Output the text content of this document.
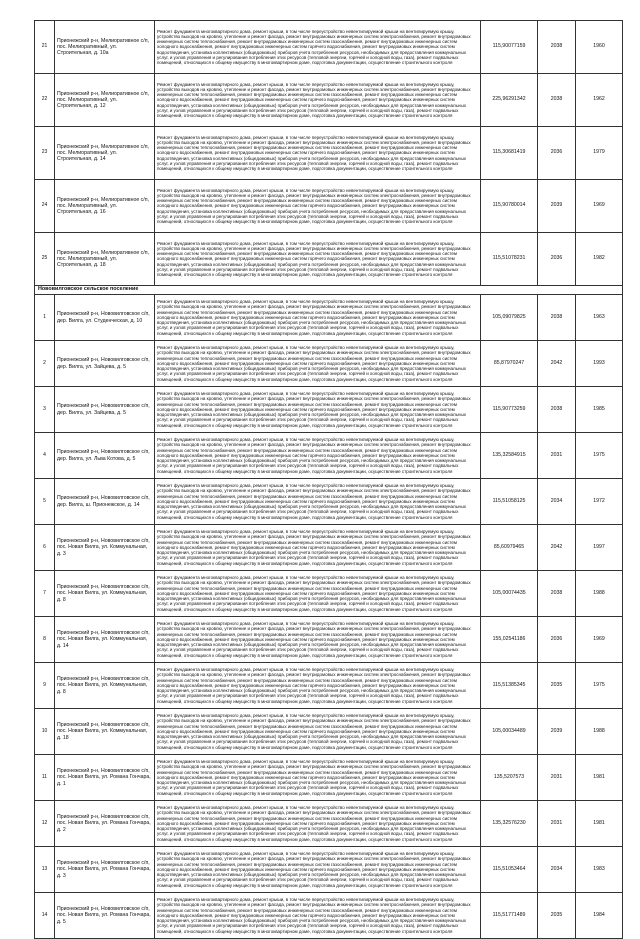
21	Прионежский р-н, Мелиоративное с/п, пос. Мелиоративный, ул. Строительная, д. 10а	Ремонт фундамента многоквартирного дома, ремонт крыши, в том числе переустройство невентилируемой крыши на вентилируемую крышу, устройство выходов на кровлю, утепление и ремонт фасада, ремонт внутридомовых инженерных систем электроснабжения, ремонт внутридомовых инженерных систем теплоснабжения, ремонт внутридомовых инженерных систем газоснабжения, ремонт внутридомовых инженерных систем холодного водоснабжения, ремонт внутридомовых инженерных систем горячего водоснабжения, ремонт внутридомовых инженерных систем водоотведения, установка коллективных (общедомовых) приборов учета потребления ресурсов, необходимых для предоставления коммунальных услуг, и узлов управления и регулирования потребления этих ресурсов (тепловой энергии, горячей и холодной воды, газа), ремонт подвальных помещений, относящихся к общему имуществу в многоквартирном доме, подготовка документации, осуществление строительного контроля	115,90077159	2038	1960
22	Прионежский р-н, Мелиоративное с/п, пос. Мелиоративный, ул. Строительная, д. 12	Ремонт фундамента многоквартирного дома, ремонт крыши, в том числе переустройство невентилируемой крыши на вентилируемую крышу, устройство выходов на кровлю, утепление и ремонт фасада, ремонт внутридомовых инженерных систем электроснабжения, ремонт внутридомовых инженерных систем теплоснабжения, ремонт внутридомовых инженерных систем газоснабжения, ремонт внутридомовых инженерных систем холодного водоснабжения, ремонт внутридомовых инженерных систем горячего водоснабжения, ремонт внутридомовых инженерных систем водоотведения, установка коллективных (общедомовых) приборов учета потребления ресурсов, необходимых для предоставления коммунальных услуг, и узлов управления и регулирования потребления этих ресурсов (тепловой энергии, горячей и холодной воды, газа), ремонт подвальных помещений, относящихся к общему имуществу в многоквартирном доме, подготовка документации, осуществление строительного контроля	225,96291342	2038	1962
23	Прионежский р-н, Мелиоративное с/п, пос. Мелиоративный, ул. Строительная, д. 14	Ремонт фундамента многоквартирного дома, ремонт крыши, в том числе переустройство невентилируемой крыши на вентилируемую крышу, устройство выходов на кровлю, утепление и ремонт фасада, ремонт внутридомовых инженерных систем электроснабжения, ремонт внутридомовых инженерных систем теплоснабжения, ремонт внутридомовых инженерных систем газоснабжения, ремонт внутридомовых инженерных систем холодного водоснабжения, ремонт внутридомовых инженерных систем горячего водоснабжения, ремонт внутридомовых инженерных систем водоотведения, установка коллективных (общедомовых) приборов учета потребления ресурсов, необходимых для предоставления коммунальных услуг, и узлов управления и регулирования потребления этих ресурсов (тепловой энергии, горячей и холодной воды, газа), ремонт подвальных помещений, относящихся к общему имуществу в многоквартирном доме, подготовка документации, осуществление строительного контроля	115,30681419	2036	1979
24	Прионежский р-н, Мелиоративное с/п, пос. Мелиоративный, ул. Строительная, д. 16	Ремонт фундамента многоквартирного дома, ремонт крыши, в том числе переустройство невентилируемой крыши на вентилируемую крышу, устройство выходов на кровлю, утепление и ремонт фасада, ремонт внутридомовых инженерных систем электроснабжения, ремонт внутридомовых инженерных систем теплоснабжения, ремонт внутридомовых инженерных систем газоснабжения, ремонт внутридомовых инженерных систем холодного водоснабжения, ремонт внутридомовых инженерных систем горячего водоснабжения, ремонт внутридомовых инженерных систем водоотведения, установка коллективных (общедомовых) приборов учета потребления ресурсов, необходимых для предоставления коммунальных услуг, и узлов управления и регулирования потребления этих ресурсов (тепловой энергии, горячей и холодной воды, газа), ремонт подвальных помещений, относящихся к общему имуществу в многоквартирном доме, подготовка документации, осуществление строительного контроля	115,90780014	2039	1969
25	Прионежский р-н, Мелиоративное с/п, пос. Мелиоративный, ул. Строительная, д. 18	Ремонт фундамента многоквартирного дома, ремонт крыши, в том числе переустройство невентилируемой крыши на вентилируемую крышу, устройство выходов на кровлю, утепление и ремонт фасада, ремонт внутридомовых инженерных систем электроснабжения, ремонт внутридомовых инженерных систем теплоснабжения, ремонт внутридомовых инженерных систем газоснабжения, ремонт внутридомовых инженерных систем холодного водоснабжения, ремонт внутридомовых инженерных систем горячего водоснабжения, ремонт внутридомовых инженерных систем водоотведения, установка коллективных (общедомовых) приборов учета потребления ресурсов, необходимых для предоставления коммунальных услуг, и узлов управления и регулирования потребления этих ресурсов (тепловой энергии, горячей и холодной воды, газа), ремонт подвальных помещений, относящихся к общему имуществу в многоквартирном доме, подготовка документации, осуществление строительного контроля	115,51078231	2036	1982
Нововилговское сельское поселение					
1	Прионежский р-н, Нововилговское с/п, дер. Вилга, ул. Студенческая, д. 10	Ремонт фундамента многоквартирного дома, ремонт крыши, в том числе переустройство невентилируемой крыши на вентилируемую крышу, устройство выходов на кровлю, утепление и ремонт фасада, ремонт внутридомовых инженерных систем электроснабжения, ремонт внутридомовых инженерных систем теплоснабжения, ремонт внутридомовых инженерных систем газоснабжения, ремонт внутридомовых инженерных систем холодного водоснабжения, ремонт внутридомовых инженерных систем горячего водоснабжения, ремонт внутридомовых инженерных систем водоотведения, установка коллективных (общедомовых) приборов учета потребления ресурсов, необходимых для предоставления коммунальных услуг, и узлов управления и регулирования потребления этих ресурсов (тепловой энергии, горячей и холодной воды, газа), ремонт подвальных помещений, относящихся к общему имуществу в многоквартирном доме, подготовка документации, осуществление строительного контроля	105,09079825	2038	1963
2	Прионежский р-н, Нововилговское с/п, дер. Вилга, ул. Зайцева, д. 5	Ремонт фундамента многоквартирного дома, ремонт крыши, в том числе переустройство невентилируемой крыши на вентилируемую крышу, устройство выходов на кровлю, утепление и ремонт фасада, ремонт внутридомовых инженерных систем электроснабжения, ремонт внутридомовых инженерных систем теплоснабжения, ремонт внутридомовых инженерных систем газоснабжения, ремонт внутридомовых инженерных систем холодного водоснабжения, ремонт внутридомовых инженерных систем горячего водоснабжения, ремонт внутридомовых инженерных систем водоотведения, установка коллективных (общедомовых) приборов учета потребления ресурсов, необходимых для предоставления коммунальных услуг, и узлов управления и регулирования потребления этих ресурсов (тепловой энергии, горячей и холодной воды, газа), ремонт подвальных помещений, относящихся к общему имуществу в многоквартирном доме, подготовка документации, осуществление строительного контроля	85,87970247	2042	1993
3	Прионежский р-н, Нововилговское с/п, дер. Вилга, ул. Зайцева, д. 5	Ремонт фундамента многоквартирного дома, ремонт крыши, в том числе переустройство невентилируемой крыши на вентилируемую крышу, устройство выходов на кровлю, утепление и ремонт фасада, ремонт внутридомовых инженерных систем электроснабжения, ремонт внутридомовых инженерных систем теплоснабжения, ремонт внутридомовых инженерных систем газоснабжения, ремонт внутридомовых инженерных систем холодного водоснабжения, ремонт внутридомовых инженерных систем горячего водоснабжения, ремонт внутридомовых инженерных систем водоотведения, установка коллективных (общедомовых) приборов учета потребления ресурсов, необходимых для предоставления коммунальных услуг, и узлов управления и регулирования потребления этих ресурсов (тепловой энергии, горячей и холодной воды, газа), ремонт подвальных помещений, относящихся к общему имуществу в многоквартирном доме, подготовка документации, осуществление строительного контроля	115,90773259	2038	1985
4	Прионежский р-н, Нововилговское с/п, дер. Вилга, ул. Льва Котова, д. 5	Ремонт фундамента многоквартирного дома, ремонт крыши, в том числе переустройство невентилируемой крыши на вентилируемую крышу, устройство выходов на кровлю, утепление и ремонт фасада, ремонт внутридомовых инженерных систем электроснабжения, ремонт внутридомовых инженерных систем теплоснабжения, ремонт внутридомовых инженерных систем газоснабжения, ремонт внутридомовых инженерных систем холодного водоснабжения, ремонт внутридомовых инженерных систем горячего водоснабжения, ремонт внутридомовых инженерных систем водоотведения, установка коллективных (общедомовых) приборов учета потребления ресурсов, необходимых для предоставления коммунальных услуг, и узлов управления и регулирования потребления этих ресурсов (тепловой энергии, горячей и холодной воды, газа), ремонт подвальных помещений, относящихся к общему имуществу в многоквартирном доме, подготовка документации, осуществление строительного контроля	135,32584915	2031	1975
5	Прионежский р-н, Нововилговское с/п, дер. Вилга, ш. Прионежское, д. 14	Ремонт фундамента многоквартирного дома, ремонт крыши, в том числе переустройство невентилируемой крыши на вентилируемую крышу, устройство выходов на кровлю, утепление и ремонт фасада, ремонт внутридомовых инженерных систем электроснабжения, ремонт внутридомовых инженерных систем теплоснабжения, ремонт внутридомовых инженерных систем газоснабжения, ремонт внутридомовых инженерных систем холодного водоснабжения, ремонт внутридомовых инженерных систем горячего водоснабжения, ремонт внутридомовых инженерных систем водоотведения, установка коллективных (общедомовых) приборов учета потребления ресурсов, необходимых для предоставления коммунальных услуг, и узлов управления и регулирования потребления этих ресурсов (тепловой энергии, горячей и холодной воды, газа), ремонт подвальных помещений, относящихся к общему имуществу в многоквартирном доме, подготовка документации, осуществление строительного контроля	115,51058125	2034	1972
6	Прионежский р-н, Нововилговское с/п, пос. Новая Вилга, ул. Коммунальная, д. 3	Ремонт фундамента многоквартирного дома, ремонт крыши, в том числе переустройство невентилируемой крыши на вентилируемую крышу, устройство выходов на кровлю, утепление и ремонт фасада, ремонт внутридомовых инженерных систем электроснабжения, ремонт внутридомовых инженерных систем теплоснабжения, ремонт внутридомовых инженерных систем газоснабжения, ремонт внутридомовых инженерных систем холодного водоснабжения, ремонт внутридомовых инженерных систем горячего водоснабжения, ремонт внутридомовых инженерных систем водоотведения, установка коллективных (общедомовых) приборов учета потребления ресурсов, необходимых для предоставления коммунальных услуг, и узлов управления и регулирования потребления этих ресурсов (тепловой энергии, горячей и холодной воды, газа), ремонт подвальных помещений, относящихся к общему имуществу в многоквартирном доме, подготовка документации, осуществление строительного контроля	85,60979465	2042	1997
7	Прионежский р-н, Нововилговское с/п, пос. Новая Вилга, ул. Коммунальная, д. 8	Ремонт фундамента многоквартирного дома, ремонт крыши, в том числе переустройство невентилируемой крыши на вентилируемую крышу, устройство выходов на кровлю, утепление и ремонт фасада, ремонт внутридомовых инженерных систем электроснабжения, ремонт внутридомовых инженерных систем теплоснабжения, ремонт внутридомовых инженерных систем газоснабжения, ремонт внутридомовых инженерных систем холодного водоснабжения, ремонт внутридомовых инженерных систем горячего водоснабжения, ремонт внутридомовых инженерных систем водоотведения, установка коллективных (общедомовых) приборов учета потребления ресурсов, необходимых для предоставления коммунальных услуг, и узлов управления и регулирования потребления этих ресурсов (тепловой энергии, горячей и холодной воды, газа), ремонт подвальных помещений, относящихся к общему имуществу в многоквартирном доме, подготовка документации, осуществление строительного контроля	105,00074435	2038	1988
8	Прионежский р-н, Нововилговское с/п, пос. Новая Вилга, ул. Коммунальная, д. 14	Ремонт фундамента многоквартирного дома, ремонт крыши, в том числе переустройство невентилируемой крыши на вентилируемую крышу, устройство выходов на кровлю, утепление и ремонт фасада, ремонт внутридомовых инженерных систем электроснабжения, ремонт внутридомовых инженерных систем теплоснабжения, ремонт внутридомовых инженерных систем газоснабжения, ремонт внутридомовых инженерных систем холодного водоснабжения, ремонт внутридомовых инженерных систем горячего водоснабжения, ремонт внутридомовых инженерных систем водоотведения, установка коллективных (общедомовых) приборов учета потребления ресурсов, необходимых для предоставления коммунальных услуг, и узлов управления и регулирования потребления этих ресурсов (тепловой энергии, горячей и холодной воды, газа), ремонт подвальных помещений, относящихся к общему имуществу в многоквартирном доме, подготовка документации, осуществление строительного контроля	155,02541186	2036	1969
9	Прионежский р-н, Нововилговское с/п, пос. Новая Вилга, ул. Коммунальная, д. 8	Ремонт фундамента многоквартирного дома, ремонт крыши, в том числе переустройство невентилируемой крыши на вентилируемую крышу, устройство выходов на кровлю, утепление и ремонт фасада, ремонт внутридомовых инженерных систем электроснабжения, ремонт внутридомовых инженерных систем теплоснабжения, ремонт внутридомовых инженерных систем газоснабжения, ремонт внутридомовых инженерных систем холодного водоснабжения, ремонт внутридомовых инженерных систем горячего водоснабжения, ремонт внутридомовых инженерных систем водоотведения, установка коллективных (общедомовых) приборов учета потребления ресурсов, необходимых для предоставления коммунальных услуг, и узлов управления и регулирования потребления этих ресурсов (тепловой энергии, горячей и холодной воды, газа), ремонт подвальных помещений, относящихся к общему имуществу в многоквартирном доме, подготовка документации, осуществление строительного контроля	115,51385345	2035	1975
10	Прионежский р-н, Нововилговское с/п, пос. Новая Вилга, ул. Коммунальная, д. 18	Ремонт фундамента многоквартирного дома, ремонт крыши, в том числе переустройство невентилируемой крыши на вентилируемую крышу, устройство выходов на кровлю, утепление и ремонт фасада, ремонт внутридомовых инженерных систем электроснабжения, ремонт внутридомовых инженерных систем теплоснабжения, ремонт внутридомовых инженерных систем газоснабжения, ремонт внутридомовых инженерных систем холодного водоснабжения, ремонт внутридомовых инженерных систем горячего водоснабжения, ремонт внутридомовых инженерных систем водоотведения, установка коллективных (общедомовых) приборов учета потребления ресурсов, необходимых для предоставления коммунальных услуг, и узлов управления и регулирования потребления этих ресурсов (тепловой энергии, горячей и холодной воды, газа), ремонт подвальных помещений, относящихся к общему имуществу в многоквартирном доме, подготовка документации, осуществление строительного контроля	105,00034489	2039	1988
11	Прионежский р-н, Нововилговское с/п, пос. Новая Вилга, ул. Романа Гончара, д. 1	Ремонт фундамента многоквартирного дома, ремонт крыши, в том числе переустройство невентилируемой крыши на вентилируемую крышу, устройство выходов на кровлю, утепление и ремонт фасада, ремонт внутридомовых инженерных систем электроснабжения, ремонт внутридомовых инженерных систем теплоснабжения, ремонт внутридомовых инженерных систем газоснабжения, ремонт внутридомовых инженерных систем холодного водоснабжения, ремонт внутридомовых инженерных систем горячего водоснабжения, ремонт внутридомовых инженерных систем водоотведения, установка коллективных (общедомовых) приборов учета потребления ресурсов, необходимых для предоставления коммунальных услуг, и узлов управления и регулирования потребления этих ресурсов (тепловой энергии, горячей и холодной воды, газа), ремонт подвальных помещений, относящихся к общему имуществу в многоквартирном доме, подготовка документации, осуществление строительного контроля	135,5207573	2031	1981
12	Прионежский р-н, Нововилговское с/п, пос. Новая Вилга, ул. Романа Гончара, д. 2	Ремонт фундамента многоквартирного дома, ремонт крыши, в том числе переустройство невентилируемой крыши на вентилируемую крышу, устройство выходов на кровлю, утепление и ремонт фасада, ремонт внутридомовых инженерных систем электроснабжения, ремонт внутридомовых инженерных систем теплоснабжения, ремонт внутридомовых инженерных систем газоснабжения, ремонт внутридомовых инженерных систем холодного водоснабжения, ремонт внутридомовых инженерных систем горячего водоснабжения, ремонт внутридомовых инженерных систем водоотведения, установка коллективных (общедомовых) приборов учета потребления ресурсов, необходимых для предоставления коммунальных услуг, и узлов управления и регулирования потребления этих ресурсов (тепловой энергии, горячей и холодной воды, газа), ремонт подвальных помещений, относящихся к общему имуществу в многоквартирном доме, подготовка документации, осуществление строительного контроля	135,32576230	2031	1981
13	Прионежский р-н, Нововилговское с/п, пос. Новая Вилга, ул. Романа Гончара, д. 3	Ремонт фундамента многоквартирного дома, ремонт крыши, в том числе переустройство невентилируемой крыши на вентилируемую крышу, устройство выходов на кровлю, утепление и ремонт фасада, ремонт внутридомовых инженерных систем электроснабжения, ремонт внутридомовых инженерных систем теплоснабжения, ремонт внутридомовых инженерных систем газоснабжения, ремонт внутридомовых инженерных систем холодного водоснабжения, ремонт внутридомовых инженерных систем горячего водоснабжения, ремонт внутридомовых инженерных систем водоотведения, установка коллективных (общедомовых) приборов учета потребления ресурсов, необходимых для предоставления коммунальных услуг, и узлов управления и регулирования потребления этих ресурсов (тепловой энергии, горячей и холодной воды, газа), ремонт подвальных помещений, относящихся к общему имуществу в многоквартирном доме, подготовка документации, осуществление строительного контроля	115,51053464	2034	1983
14	Прионежский р-н, Нововилговское с/п, пос. Новая Вилга, ул. Романа Гончара, д. 5	Ремонт фундамента многоквартирного дома, ремонт крыши, в том числе переустройство невентилируемой крыши на вентилируемую крышу, устройство выходов на кровлю, утепление и ремонт фасада, ремонт внутридомовых инженерных систем электроснабжения, ремонт внутридомовых инженерных систем теплоснабжения, ремонт внутридомовых инженерных систем газоснабжения, ремонт внутридомовых инженерных систем холодного водоснабжения, ремонт внутридомовых инженерных систем горячего водоснабжения, ремонт внутридомовых инженерных систем водоотведения, установка коллективных (общедомовых) приборов учета потребления ресурсов, необходимых для предоставления коммунальных услуг, и узлов управления и регулирования потребления этих ресурсов (тепловой энергии, горячей и холодной воды, газа), ремонт подвальных помещений, относящихся к общему имуществу в многоквартирном доме, подготовка документации, осуществление строительного контроля	115,51771489	2035	1984
